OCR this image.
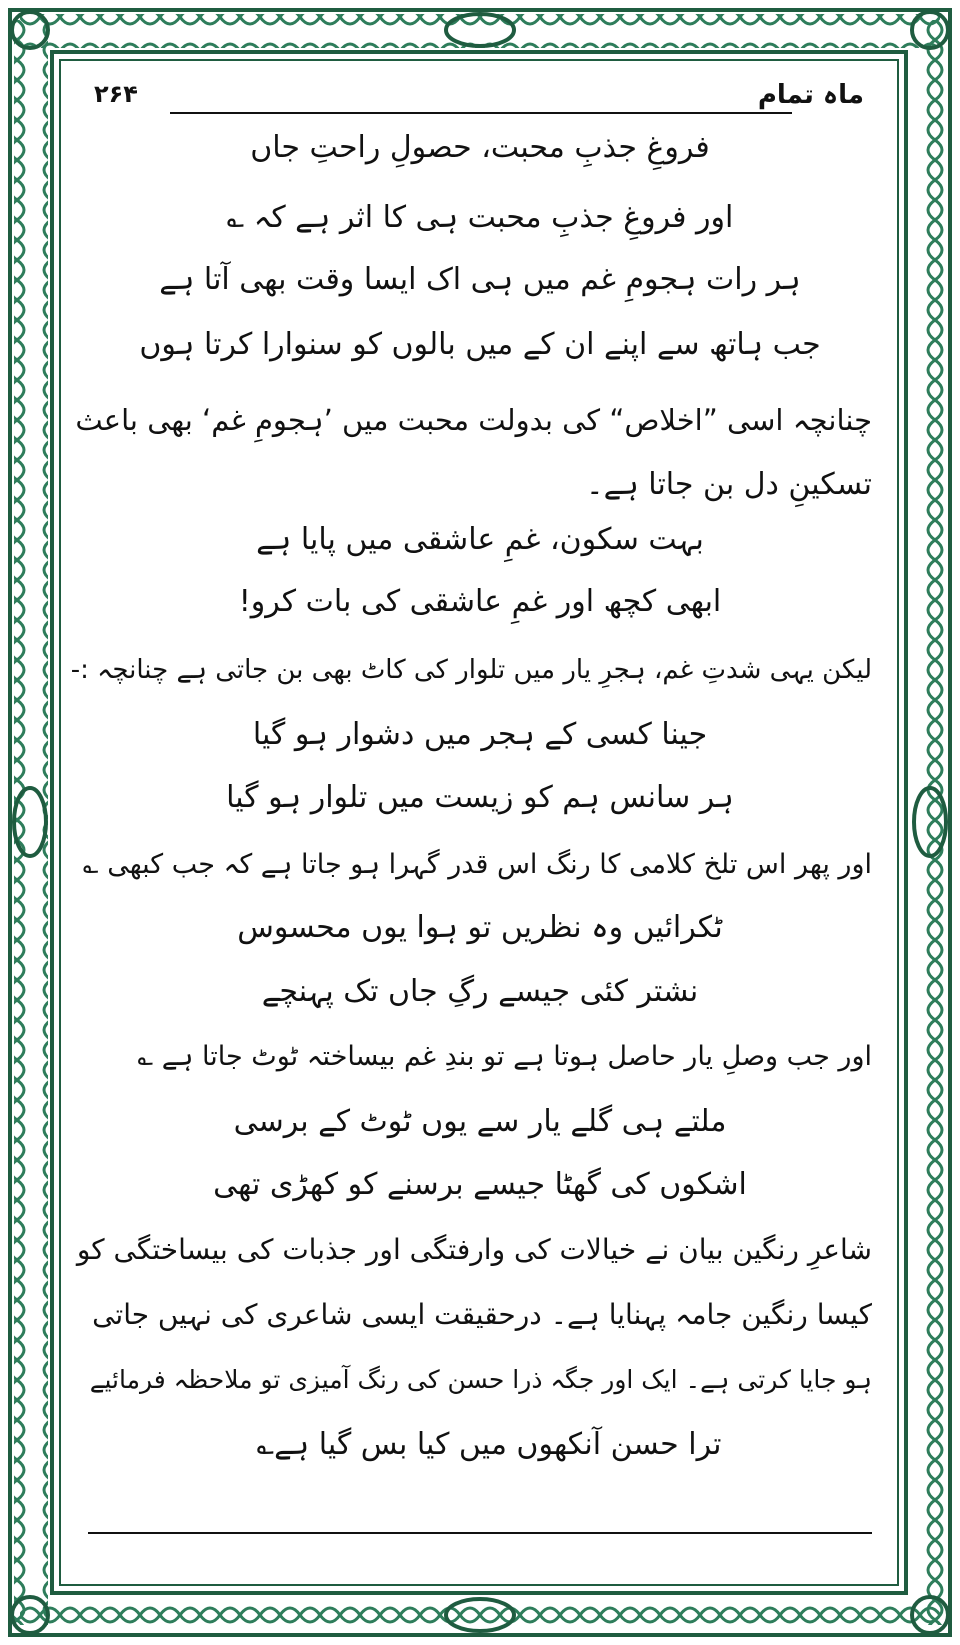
ماہ تمام
۲۶۴
فروغِ جذبِ محبت، حصولِ راحتِ جاں
اور فروغِ جذبِ محبت ہی کا اثر ہے کہ ؎
ہر رات ہجومِ غم میں ہی اک ایسا وقت بھی آتا ہے
جب ہاتھ سے اپنے ان کے میں بالوں کو سنوارا کرتا ہوں
چنانچہ اسی ”اخلاص“ کی بدولت محبت میں ’ہجومِ غم‘ بھی باعث
تسکینِ دل بن جاتا ہے۔
بہت سکون، غمِ عاشقی میں پایا ہے
ابھی کچھ اور غمِ عاشقی کی بات کرو!
لیکن یہی شدتِ غم، ہجرِ یار میں تلوار کی کاٹ بھی بن جاتی ہے چنانچہ :-
جینا کسی کے ہجر میں دشوار ہو گیا
ہر سانس ہم کو زیست میں تلوار ہو گیا
اور پھر اس تلخ کلامی کا رنگ اس قدر گہرا ہو جاتا ہے کہ جب کبھی ؎
ٹکرائیں وہ نظریں تو ہوا یوں محسوس
نشتر کئی جیسے رگِ جاں تک پہنچے
اور جب وصلِ یار حاصل ہوتا ہے تو بندِ غم بیساختہ ٹوٹ جاتا ہے ؎
ملتے ہی گلے یار سے یوں ٹوٹ کے برسی
اشکوں کی گھٹا جیسے برسنے کو کھڑی تھی
شاعرِ رنگین بیان نے خیالات کی وارفتگی اور جذبات کی بیساختگی کو
کیسا رنگین جامہ پہنایا ہے۔ درحقیقت ایسی شاعری کی نہیں جاتی
ہو جایا کرتی ہے۔ ایک اور جگہ ذرا حسن کی رنگ آمیزی تو ملاحظہ فرمائیے
ترا حسن آنکھوں میں کیا بس گیا ہے؎
